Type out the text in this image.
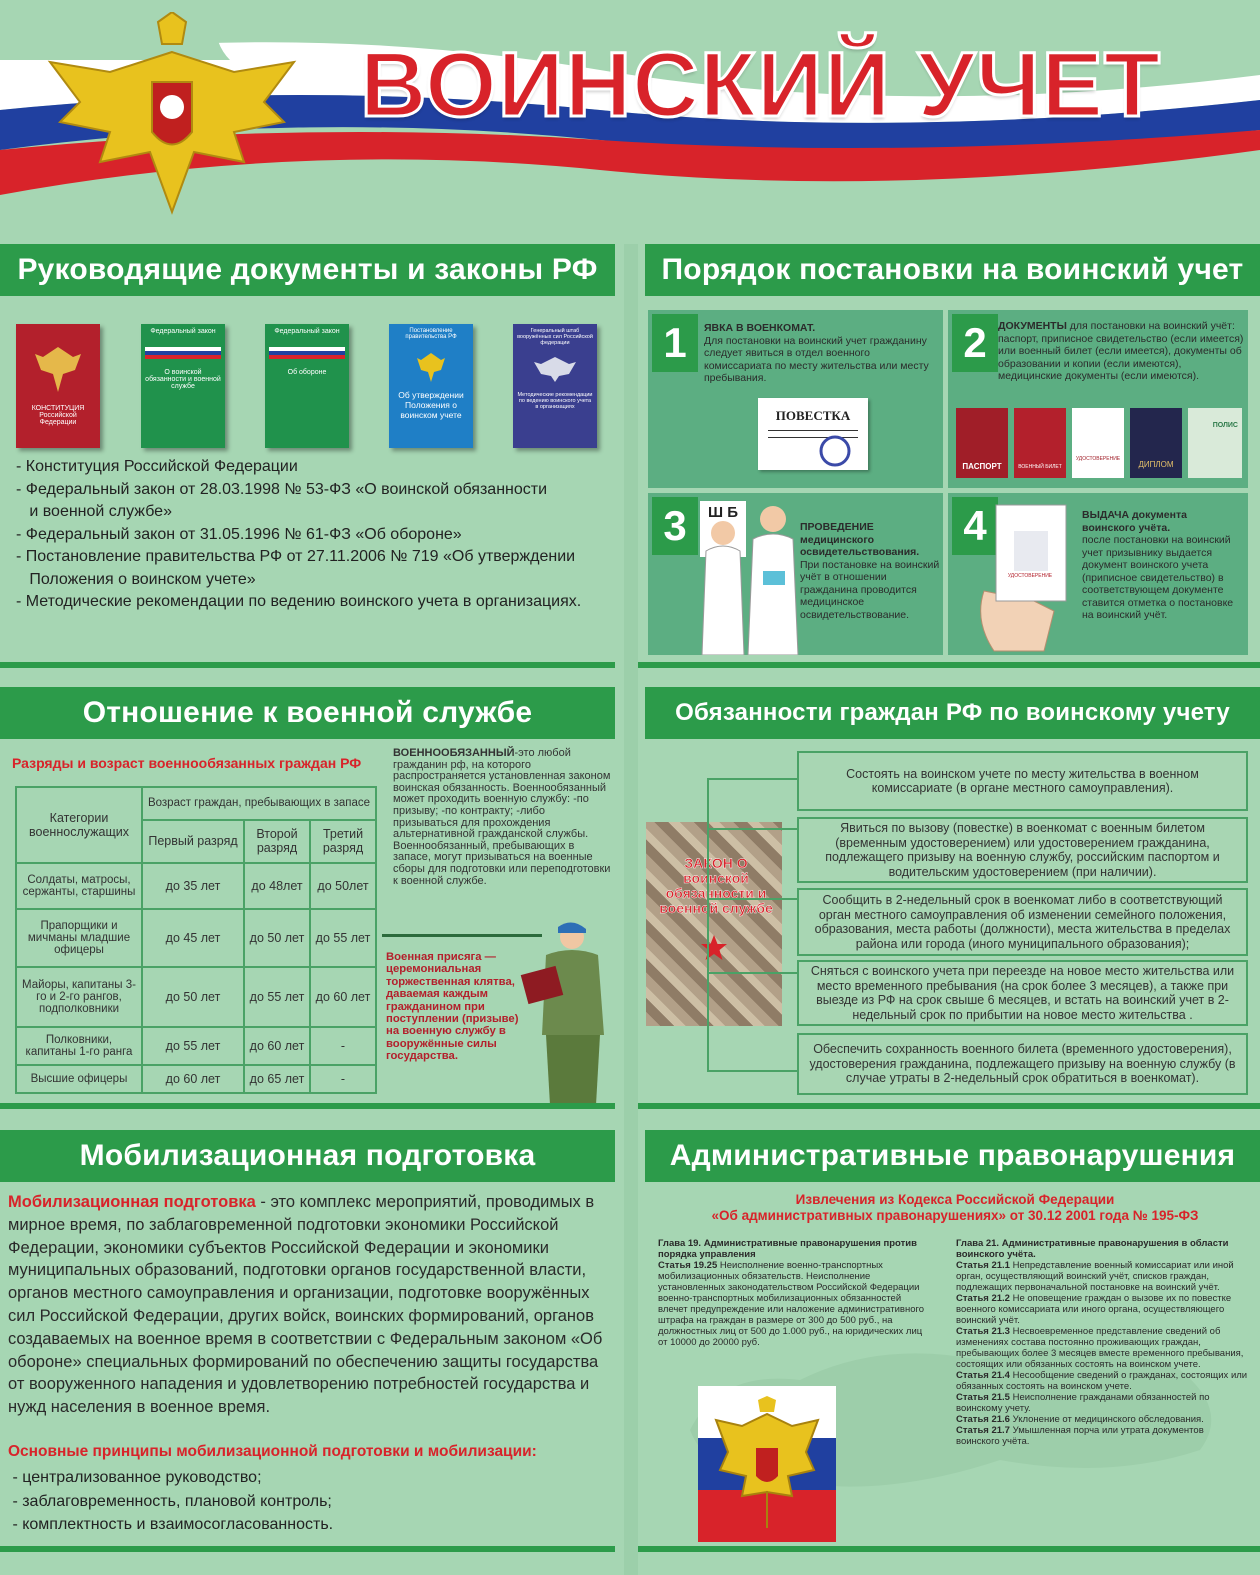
ВОИНСКИЙ УЧЕТ
Руководящие документы и законы РФ
КОНСТИТУЦИЯ Российской Федерации
Федеральный закон
О воинской обязанности и военной службе
Федеральный закон
Об обороне
Постановление правительства РФ
Об утверждении Положения о воинском учете
Генеральный штаб вооружённых сил Российской федерации
Методические рекомендации по ведению воинского учета в организациях
- Конституция Российской Федерации
- Федеральный закон от 28.03.1998 № 53-ФЗ «О воинской обязанности
и военной службе»
- Федеральный закон от 31.05.1996 № 61-ФЗ «Об обороне»
- Постановление правительства РФ от 27.11.2006 № 719 «Об утверждении
Положения о воинском учете»
- Методические рекомендации по ведению воинского учета в организациях.
Порядок постановки на воинский учет
1	ЯВКА В ВОЕНКОМАТ.
Для постановки на воинский учет гражданину следует явиться в отдел военного комиссариата по месту жительства или месту пребывания.
ПОВЕСТКА
2	ДОКУМЕНТЫ для постановки на воинский учёт: паспорт, приписное свидетельство (если имеется) или военный билет (если имеется), документы об образовании и копии (если имеются), медицинские документы (если имеются).
ПАСПОРТ	ВОЕННЫЙ БИЛЕТ
УДОСТОВЕРЕНИЕ
ДИПЛОМ
ПОЛИС
3	Ш Б
ПРОВЕДЕНИЕ медицинского освидетельствования.
При постановке на воинский учёт в отношении гражданина проводится медицинское освидетельствование.
4
УДОСТОВЕРЕНИЕ
ВЫДАЧА документа воинского учёта.
после постановки на воинский учет призывнику выдается документ воинского учета (приписное свидетельство) в соответствующем документе ставится отметка о постановке на воинский учёт.
Отношение к военной службе
Разряды и возраст военнообязанных граждан РФ
Категории военнослужащих	Возраст граждан, пребывающих в запасе		
	Первый разряд	Второй разряд	Третий разряд
Солдаты, матросы, сержанты, старшины	до 35 лет	до 48лет	до 50лет
Прапорщики и мичманы младшие офицеры	до 45 лет	до 50 лет	до 55 лет
Майоры, капитаны 3-го и 2-го рангов, подполковники	до 50 лет	до 55 лет	до 60 лет
Полковники, капитаны 1-го ранга	до 55 лет	до 60 лет	-
Высшие офицеры	до 60 лет	до 65 лет	-
ВОЕННООБЯЗАННЫЙ-это любой гражданин рф, на которого распространяется установленная законом воинская обязанность. Военнообязанный может проходить военную службу: -по призыву; -по контракту; -либо призываться для прохождения альтернативной гражданской службы. Военнообязанный, пребывающих в запасе, могут призываться на военные сборы для подготовки или переподготовки к военной службе.
Военная присяга — церемониальная торжественная клятва, даваемая каждым гражданином при поступлении (призыве) на военную службу в вооружённые силы государства.
Обязанности граждан РФ по воинскому учету
ЗАКОН О воинской обязанности и военной службе
Состоять на воинском учете по месту жительства в военном комиссариате (в органе местного самоуправления).
Явиться по вызову (повестке) в военкомат с военным билетом (временным удостоверением) или удостоверением гражданина, подлежащего призыву на военную службу, российским паспортом и водительским удостоверением (при наличии).
Сообщить в 2-недельный срок в военкомат либо в соответствующий орган местного самоуправления об изменении семейного положения, образования, места работы (должности), места жительства в пределах района или города (иного муниципального образования);
Сняться с воинского учета при переезде на новое место жительства или место временного пребывания (на срок более 3 месяцев), а также при выезде из РФ на срок свыше 6 месяцев, и встать на воинский учет в 2-недельный срок по прибытии на новое место жительства .
Обеспечить сохранность военного билета (временного удостоверения), удостоверения гражданина, подлежащего призыву на военную службу (в случае утраты в 2-недельный срок обратиться в военкомат).
Мобилизационная подготовка
Мобилизационная подготовка - это комплекс мероприятий, проводимых в мирное время, по заблаговременной подготовки экономики Российской Федерации, экономики субъектов Российской Федерации и экономики муниципальных образований, подготовки органов государственной власти, органов местного самоуправления и организации, подготовке вооружённых сил Российской Федерации, других войск, воинских формирований, органов создаваемых на военное время в соответствии с Федеральным законом «Об обороне» специальных формирований по обеспечению защиты государства от вооруженного нападения и удовлетворению потребностей государства и нужд населения в военное время.
Основные принципы мобилизационной подготовки и мобилизации:
- централизованное руководство;
- заблаговременность, плановой контроль;
- комплектность и взаимосогласованность.
Административные правонарушения
Извлечения из Кодекса Российской Федерации
«Об административных правонарушениях» от 30.12 2001 года № 195-ФЗ
Глава 19. Административные правонарушения против порядка управления
Статья 19.25 Неисполнение военно-транспортных мобилизационных обязательств. Неисполнение установленных законодательством Российской Федерации военно-транспортных мобилизационных обязанностей влечет предупреждение или наложение административного штрафа на граждан в размере от 300 до 500 руб., на должностных лиц от 500 до 1.000 руб., на юридических лиц от 10000 до 20000 руб.
Глава 21. Административные правонарушения в области воинского учёта.
Статья 21.1 Непредставление военный комиссариат или иной орган, осуществляющий воинский учёт, списков граждан, подлежащих первоначальной постановке на воинский учёт.
Статья 21.2 Не оповещение граждан о вызове их по повестке военного комиссариата или иного органа, осуществляющего воинский учёт.
Статья 21.3 Несвоевременное представление сведений об изменениях состава постоянно проживающих граждан, пребывающих более 3 месяцев вместе временного пребывания, состоящих или обязанных состоять на воинском учете.
Статья 21.4 Несообщение сведений о гражданах, состоящих или обязанных состоять на воинском учете.
Статья 21.5 Неисполнение гражданами обязанностей по воинскому учету.
Статья 21.6 Уклонение от медицинского обследования.
Статья 21.7 Умышленная порча или утрата документов воинского учёта.
